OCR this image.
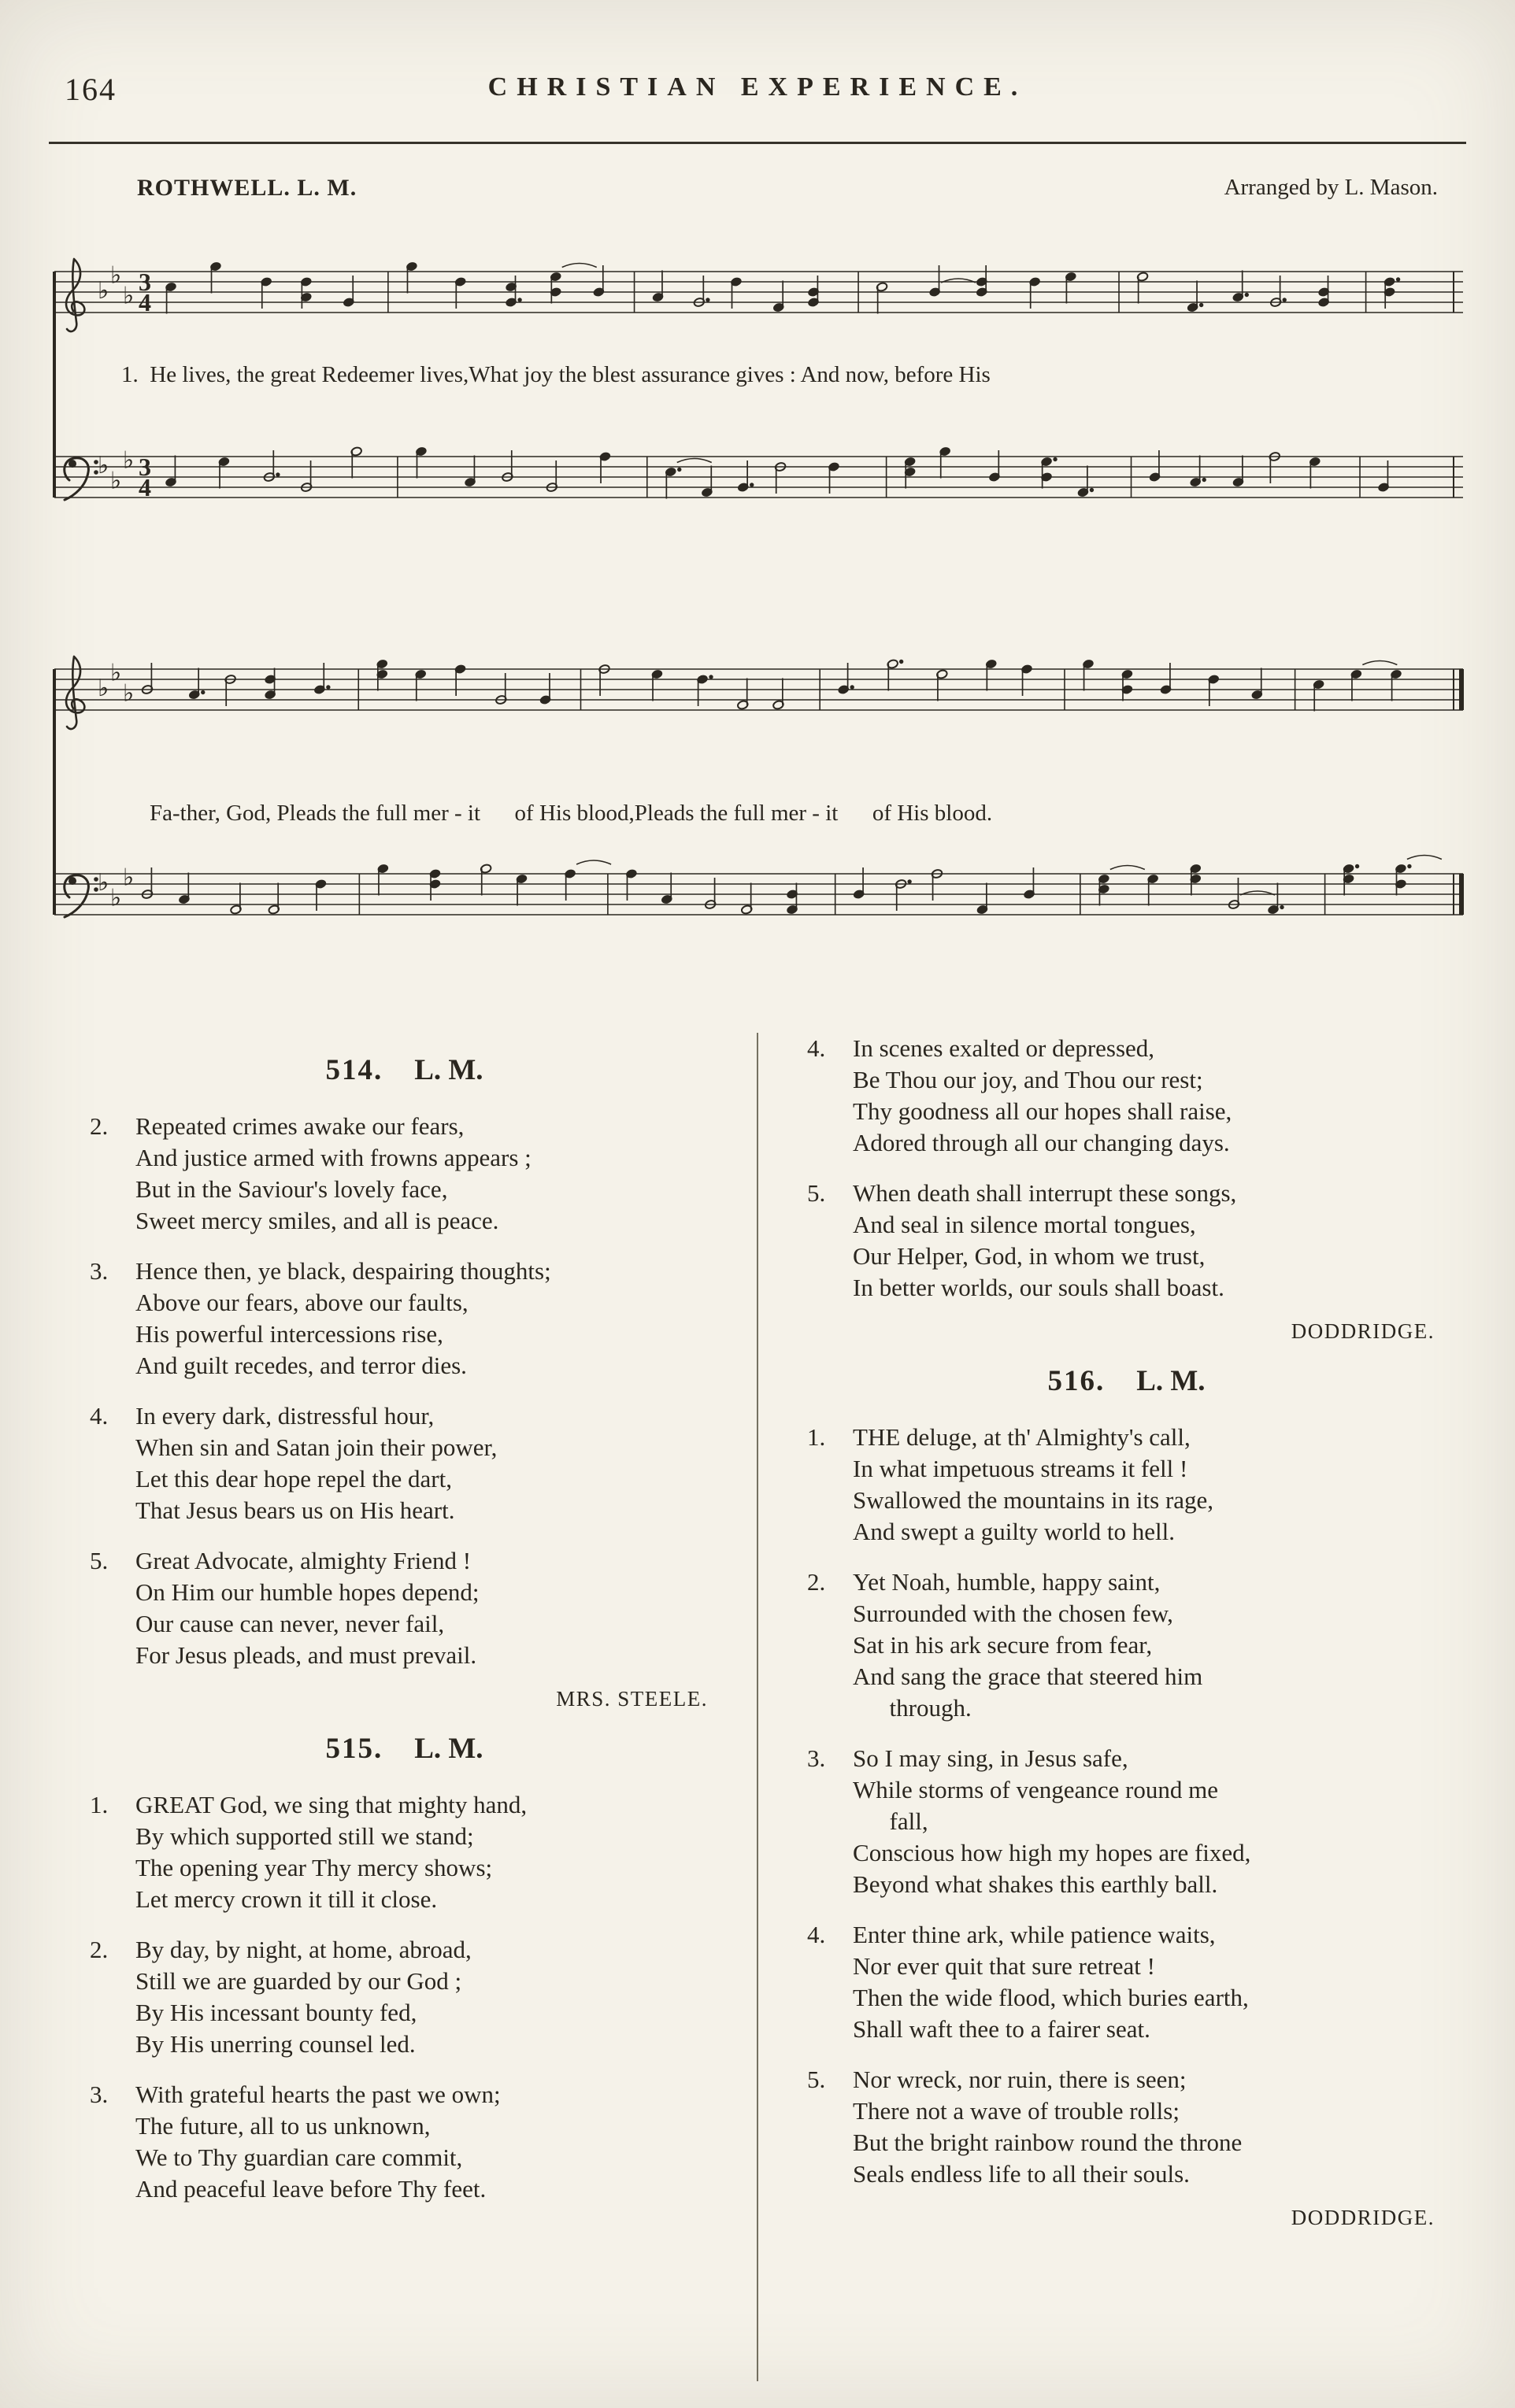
164	CHRISTIAN EXPERIENCE.
ROTHWELL. L. M.	Arranged by L. Mason.
♭
♭
♭ 3
4
♭
♭
♭ 3
4
1.  He lives, the great Redeemer lives,What joy the blest assurance gives : And now, before His
♭
♭
♭
♭
♭
♭
Fa-ther, God, Pleads the full mer - it      of His blood,Pleads the full mer - it      of His blood.
514. L. M.
2.	Repeated crimes awake our fears,
And justice armed with frowns appears ;
But in the Saviour's lovely face,
Sweet mercy smiles, and all is peace.
3.	Hence then, ye black, despairing thoughts;
Above our fears, above our faults,
His powerful intercessions rise,
And guilt recedes, and terror dies.
4.	In every dark, distressful hour,
When sin and Satan join their power,
Let this dear hope repel the dart,
That Jesus bears us on His heart.
5.	Great Advocate, almighty Friend !
On Him our humble hopes depend;
Our cause can never, never fail,
For Jesus pleads, and must prevail.
MRS. STEELE.
515. L. M.
1.	GREAT God, we sing that mighty hand,
By which supported still we stand;
The opening year Thy mercy shows;
Let mercy crown it till it close.
2.	By day, by night, at home, abroad,
Still we are guarded by our God ;
By His incessant bounty fed,
By His unerring counsel led.
3.	With grateful hearts the past we own;
The future, all to us unknown,
We to Thy guardian care commit,
And peaceful leave before Thy feet.
4.	In scenes exalted or depressed,
Be Thou our joy, and Thou our rest;
Thy goodness all our hopes shall raise,
Adored through all our changing days.
5.	When death shall interrupt these songs,
And seal in silence mortal tongues,
Our Helper, God, in whom we trust,
In better worlds, our souls shall boast.
DODDRIDGE.
516. L. M.
1.	THE deluge, at th' Almighty's call,
In what impetuous streams it fell !
Swallowed the mountains in its rage,
And swept a guilty world to hell.
2.	Yet Noah, humble, happy saint,
Surrounded with the chosen few,
Sat in his ark secure from fear,
And sang the grace that steered him
through.
3.	So I may sing, in Jesus safe,
While storms of vengeance round me
fall,
Conscious how high my hopes are fixed,
Beyond what shakes this earthly ball.
4.	Enter thine ark, while patience waits,
Nor ever quit that sure retreat !
Then the wide flood, which buries earth,
Shall waft thee to a fairer seat.
5.	Nor wreck, nor ruin, there is seen;
There not a wave of trouble rolls;
But the bright rainbow round the throne
Seals endless life to all their souls.
DODDRIDGE.
